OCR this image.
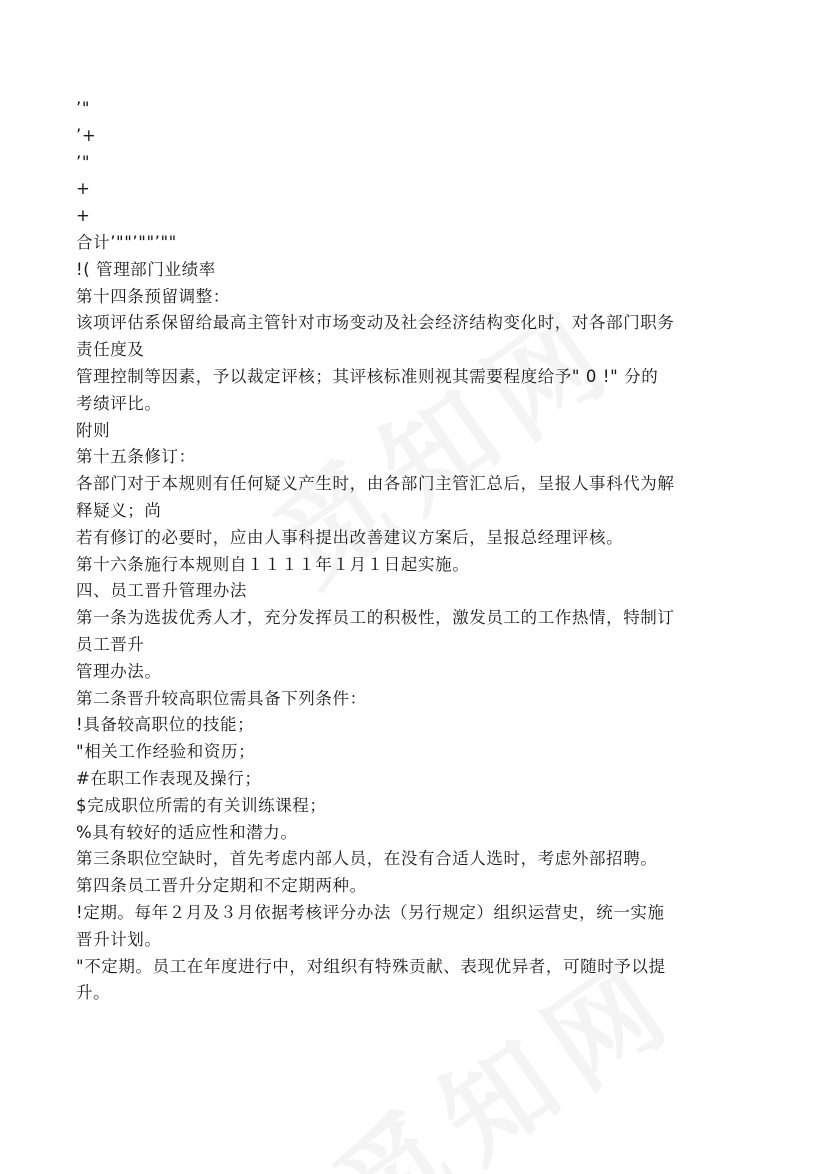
’"

’+

’"

+

+

合计’""’""’""

!( 管理部门业绩率

第十四条预留调整：

该项评估系保留给最高主管针对市场变动及社会经济结构变化时，对各部门职务

责任度及

管理控制等因素，予以裁定评核；其评核标准则视其需要程度给予" 0 !" 分的

考绩评比。

附则

第十五条修订：

各部门对于本规则有任何疑义产生时，由各部门主管汇总后，呈报人事科代为解

释疑义；尚

若有修订的必要时，应由人事科提出改善建议方案后，呈报总经理评核。

第十六条施行本规则自１１１１年１月１日起实施。

四、员工晋升管理办法

第一条为选拔优秀人才，充分发挥员工的积极性，激发员工的工作热情，特制订

员工晋升

管理办法。

第二条晋升较高职位需具备下列条件：

!具备较高职位的技能；

"相关工作经验和资历；

#在职工作表现及操行；

$完成职位所需的有关训练课程；

%具有较好的适应性和潜力。

第三条职位空缺时，首先考虑内部人员，在没有合适人选时，考虑外部招聘。

第四条员工晋升分定期和不定期两种。

!定期。每年２月及３月依据考核评分办法（另行规定）组织运营史，统一实施

晋升计划。

"不定期。员工在年度进行中，对组织有特殊贡献、表现优异者，可随时予以提

升。
